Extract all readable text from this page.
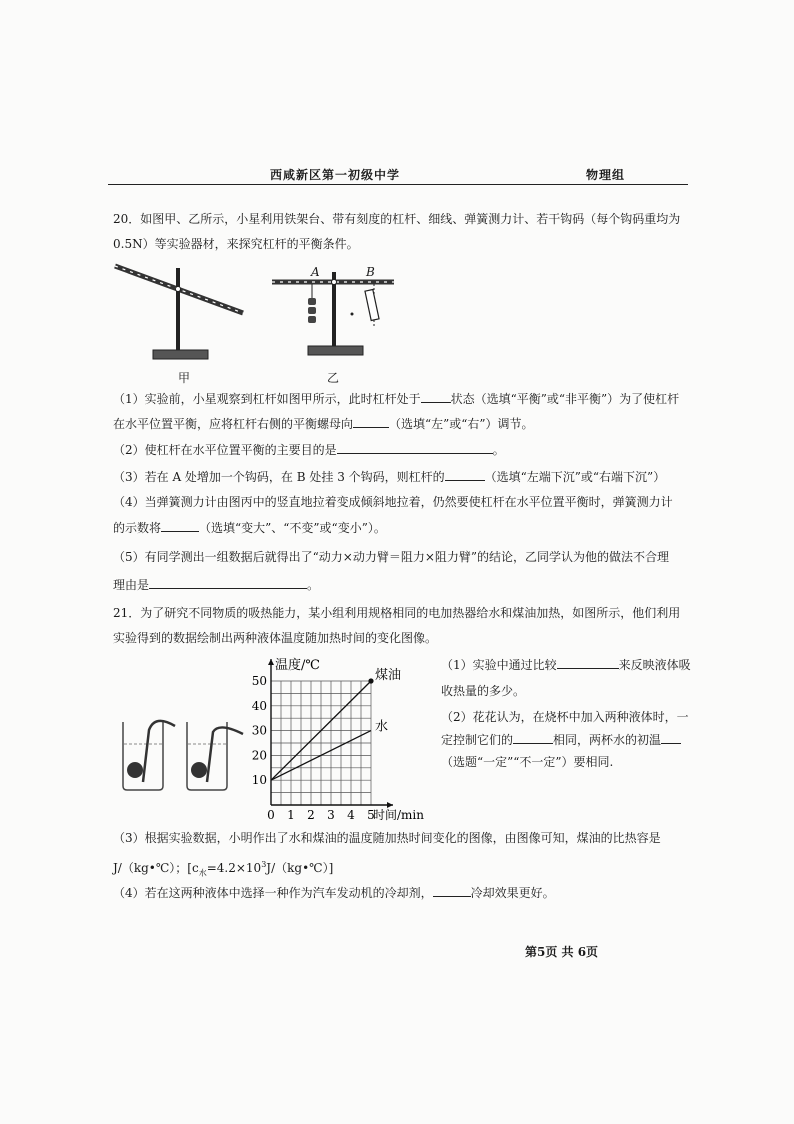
西咸新区第一初级中学	物理组
20．如图甲、乙所示，小星利用铁架台、带有刻度的杠杆、细线、弹簧测力计、若干钩码（每个钩码重均为
0.5N）等实验器材，来探究杠杆的平衡条件。
甲
A	B
乙
（1）实验前，小星观察到杠杆如图甲所示，此时杠杆处于	状态（选填“平衡”或“非平衡”）为了使杠杆
在水平位置平衡，应将杠杆右侧的平衡螺母向	（选填“左”或“右”）调节。
（2）使杠杆在水平位置平衡的主要目的是	。
（3）若在 A 处增加一个钩码，在 B 处挂 3 个钩码，则杠杆的	（选填“左端下沉”或“右端下沉”）
（4）当弹簧测力计由图丙中的竖直地拉着变成倾斜地拉着，仍然要使杠杆在水平位置平衡时，弹簧测力计
的示数将	（选填“变大”、“不变”或“变小”）。
（5）有同学测出一组数据后就得出了“动力×动力臂＝阻力×阻力臂”的结论，乙同学认为他的做法不合理
理由是	。
21．为了研究不同物质的吸热能力，某小组利用规格相同的电加热器给水和煤油加热，如图所示，他们利用
实验得到的数据绘制出两种液体温度随加热时间的变化图像。
温度/℃
时间/min
0 1 2 3 4 5
10
20
30
40
50	煤油
水
（1）实验中通过比较	来反映液体吸
收热量的多少。
（2）花花认为，在烧杯中加入两种液体时，一
定控制它们的	相同，两杯水的初温
（选题“一定”“不一定”）要相同.
（3）根据实验数据，小明作出了水和煤油的温度随加热时间变化的图像，由图像可知，煤油的比热容是
J/（kg•℃）；$[c_水=4.2\times 10^3J/(kg•℃)]$
（4）若在这两种液体中选择一种作为汽车发动机的冷却剂，	冷却效果更好。
第5页 共 6页
